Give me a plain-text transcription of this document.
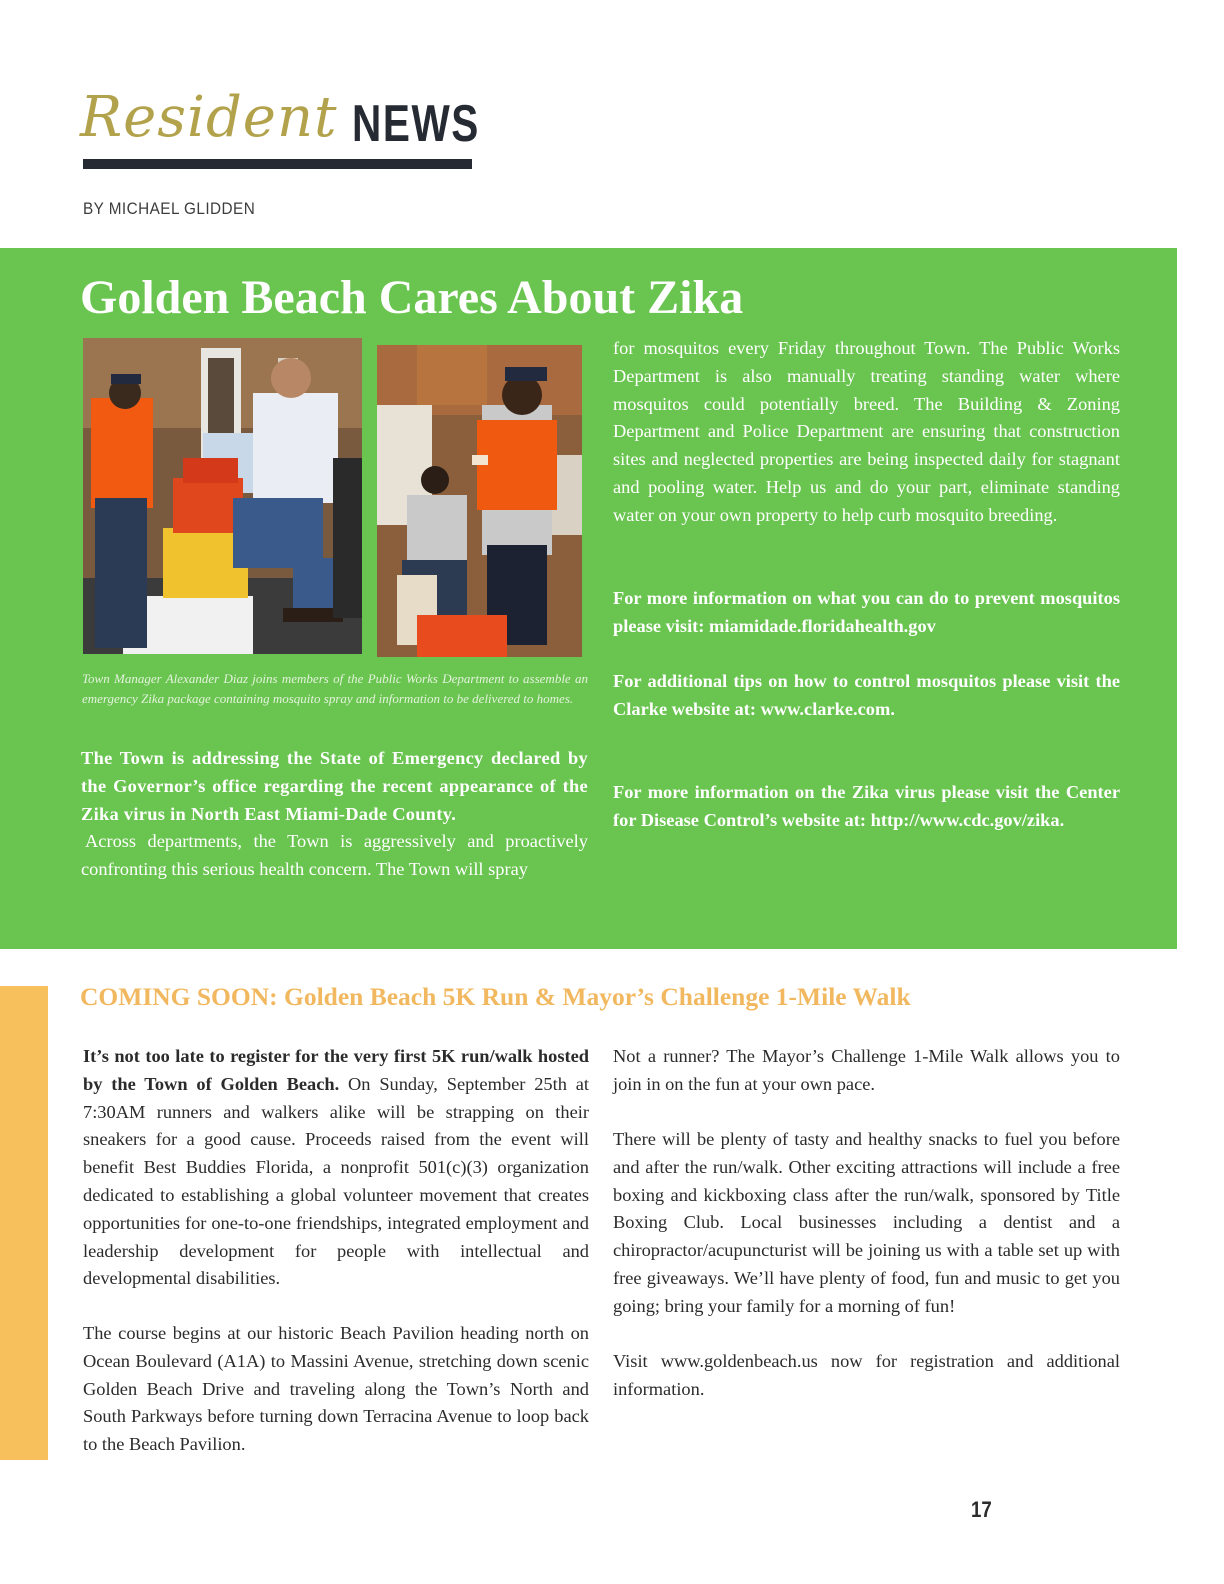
Resident NEWS
BY MICHAEL GLIDDEN
Golden Beach Cares About Zika
Town Manager Alexander Diaz joins members of the Public Works Department to assemble an emergency Zika package containing mosquito spray and information to be delivered to homes.

The Town is addressing the State of Emergency declared by the Governor’s office regarding the recent appearance of the Zika virus in North East Miami-Dade County.

Across departments, the Town is aggressively and proactively confronting this serious health concern. The Town will spray

for mosquitos every Friday throughout Town. The Public Works Department is also manually treating standing water where mosquitos could potentially breed. The Building & Zoning Department and Police Department are ensuring that construction sites and neglected properties are being inspected daily for stagnant and pooling water. Help us and do your part, eliminate standing water on your own property to help curb mosquito breeding.
For more information on what you can do to prevent mosquitos please visit: miamidade.floridahealth.gov
For additional tips on how to control mosquitos please visit the Clarke website at: www.clarke.com.
For more information on the Zika virus please visit the Center for Disease Control’s website at: http://www.cdc.gov/zika.
COMING SOON: Golden Beach 5K Run & Mayor’s Challenge 1-Mile Walk

It’s not too late to register for the very first 5K run/walk hosted by the Town of Golden Beach. On Sunday, September 25th at 7:30AM runners and walkers alike will be strapping on their sneakers for a good cause. Proceeds raised from the event will benefit Best Buddies Florida, a nonprofit 501(c)(3) organization dedicated to establishing a global volunteer movement that creates opportunities for one-to-one friendships, integrated employment and leadership development for people with intellectual and developmental disabilities.

The course begins at our historic Beach Pavilion heading north on Ocean Boulevard (A1A) to Massini Avenue, stretching down scenic Golden Beach Drive and traveling along the Town’s North and South Parkways before turning down Terracina Avenue to loop back to the Beach Pavilion.
Not a runner? The Mayor’s Challenge 1-Mile Walk allows you to join in on the fun at your own pace.
There will be plenty of tasty and healthy snacks to fuel you before and after the run/walk. Other exciting attractions will include a free boxing and kickboxing class after the run/walk, sponsored by Title Boxing Club. Local businesses including a dentist and a chiropractor/acupuncturist will be joining us with a table set up with free giveaways. We’ll have plenty of food, fun and music to get you going; bring your family for a morning of fun!
Visit www.goldenbeach.us now for registration and additional information.
17
